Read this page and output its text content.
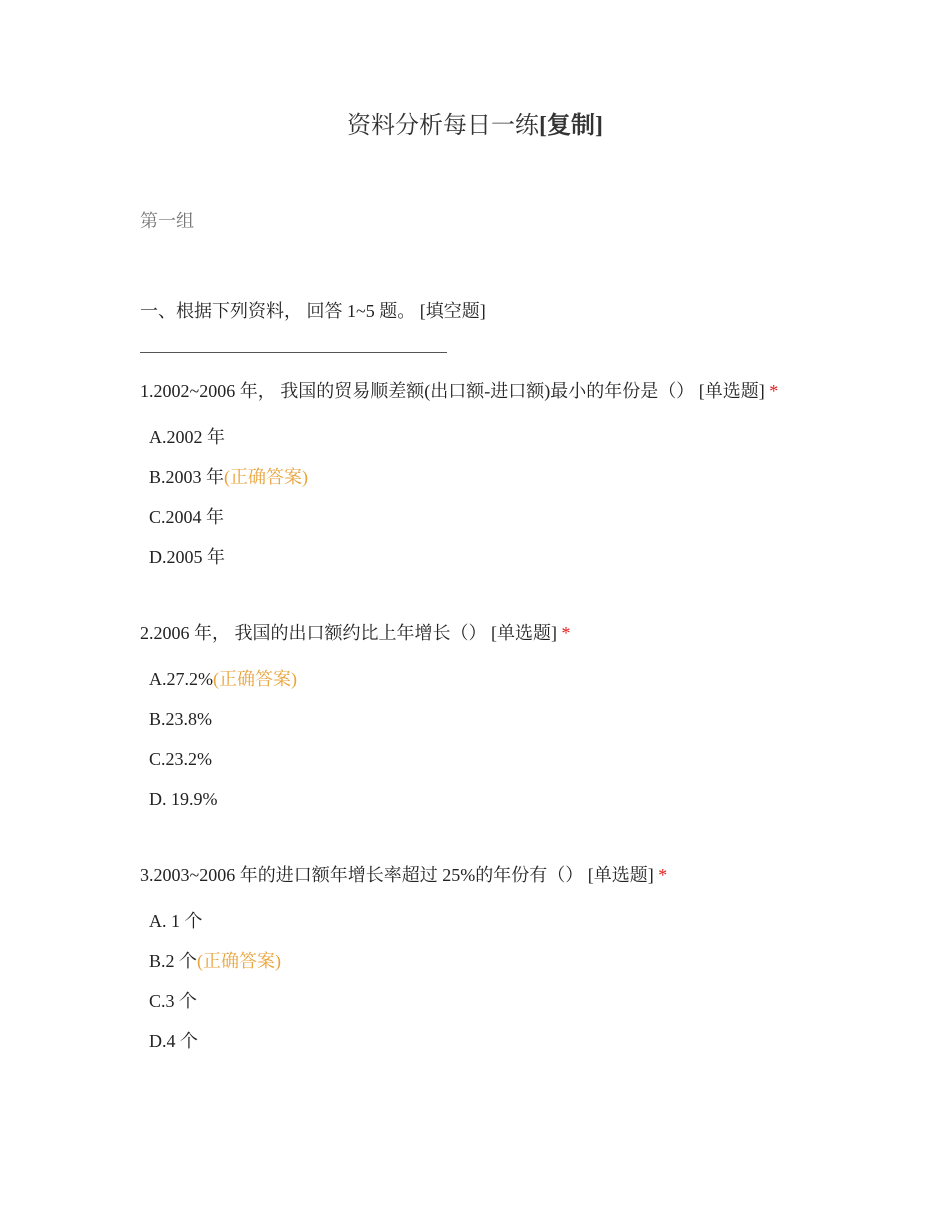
资料分析每日一练[复制]
第一组
一、根据下列资料， 回答 1~5 题。 [填空题]
1.2002~2006 年， 我国的贸易顺差额(出口额-进口额)最小的年份是（） [单选题] *
A.2002 年
B.2003 年(正确答案)
C.2004 年
D.2005 年
2.2006 年， 我国的出口额约比上年增长（） [单选题] *
A.27.2%(正确答案)
B.23.8%
C.23.2%
D. 19.9%
3.2003~2006 年的进口额年增长率超过 25%的年份有（） [单选题] *
A. 1 个
B.2 个(正确答案)
C.3 个
D.4 个
